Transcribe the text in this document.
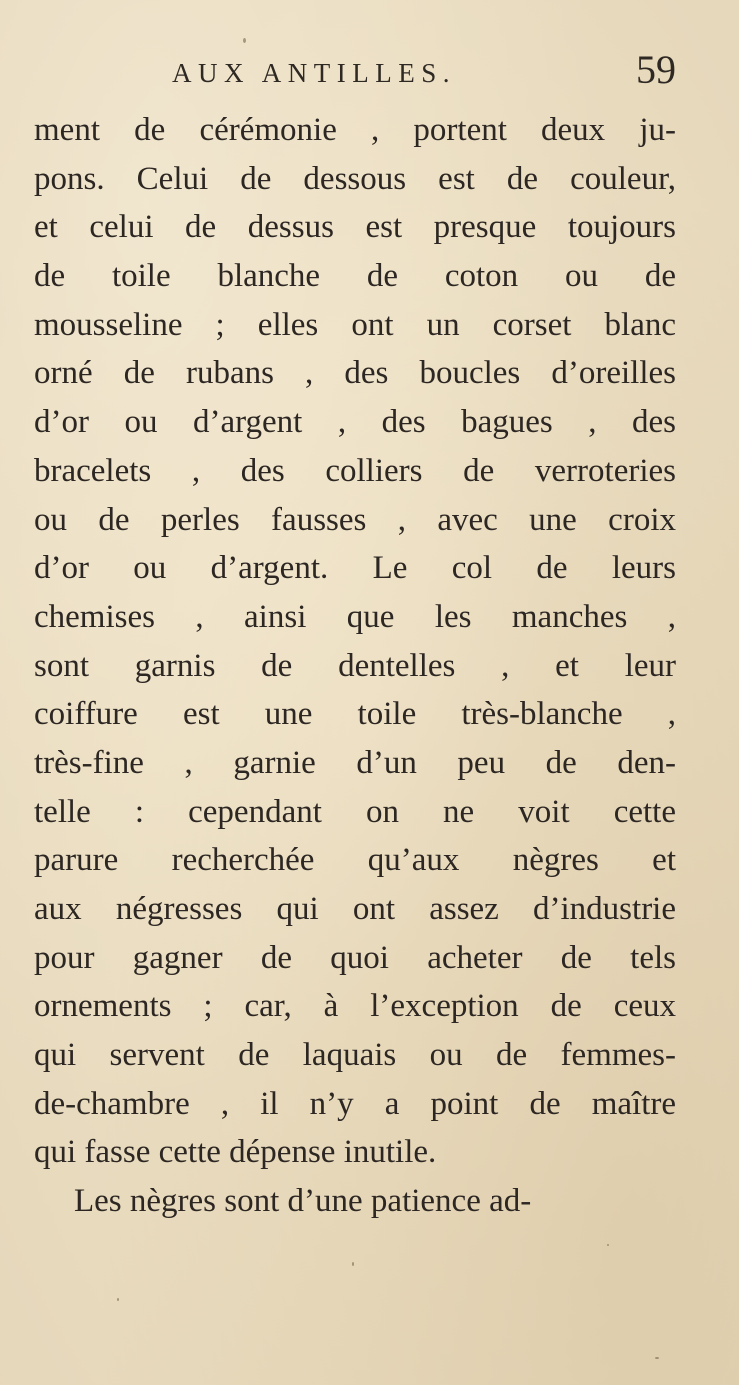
AUX ANTILLES.	59
ment de cérémonie , portent deux ju-
pons. Celui de dessous est de couleur,
et celui de dessus est presque toujours
de toile blanche de coton ou de
mousseline ; elles ont un corset blanc
orné de rubans , des boucles d’oreilles
d’or ou d’argent , des bagues , des
bracelets , des colliers de verroteries
ou de perles fausses , avec une croix
d’or ou d’argent. Le col de leurs
chemises , ainsi que les manches ,
sont garnis de dentelles , et leur
coiffure est une toile très-blanche ,
très-fine , garnie d’un peu de den-
telle : cependant on ne voit cette
parure recherchée qu’aux nègres et
aux négresses qui ont assez d’industrie
pour gagner de quoi acheter de tels
ornements ; car, à l’exception de ceux
qui servent de laquais ou de femmes-
de-chambre , il n’y a point de maître
qui fasse cette dépense inutile.
Les nègres sont d’une patience ad-
